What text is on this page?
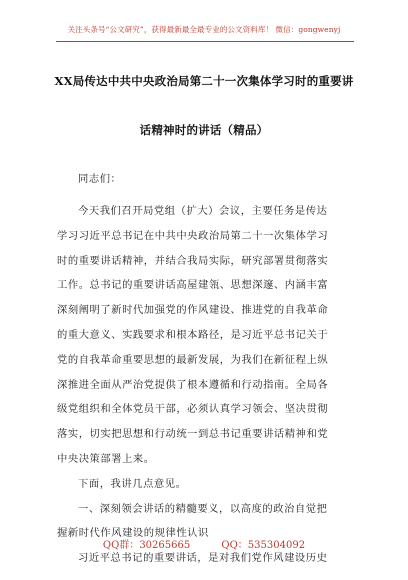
关注头条号“公文研究”，获得最新最全最专业的公文资料库！ 微信：gongwenyj
XX局传达中共中央政治局第二十一次集体学习时的重要讲
话精神时的讲话（精品）
同志们：
今天我们召开局党组（扩大）会议，主要任务是传达
学习习近平总书记在中共中央政治局第二十一次集体学习
时的重要讲话精神，并结合我局实际，研究部署贯彻落实
工作。总书记的重要讲话高屋建瓴、思想深邃、内涵丰富
深刻阐明了新时代加强党的作风建设、推进党的自我革命
的重大意义、实践要求和根本路径，是习近平总书记关于
党的自我革命重要思想的最新发展，为我们在新征程上纵
深推进全面从严治党提供了根本遵循和行动指南。全局各
级党组织和全体党员干部，必须认真学习领会、坚决贯彻
落实，切实把思想和行动统一到总书记重要讲话精神和党
中央决策部署上来。
下面，我讲几点意见。
一、深刻领会讲话的精髓要义，以高度的政治自觉把
握新时代作风建设的规律性认识
习近平总书记的重要讲话，是对我们党作风建设历史
QQ群：30265665	QQ：535304092
